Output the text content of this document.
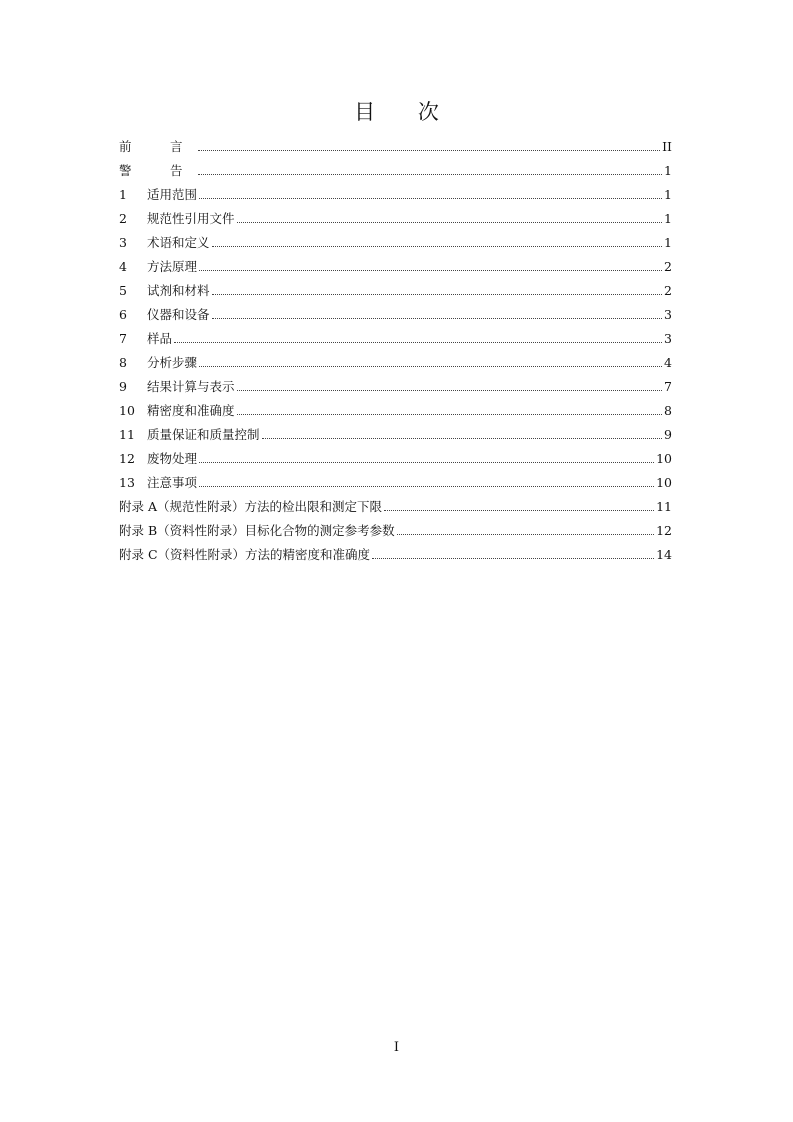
目 次
前　言	II
警　告	1
1	适用范围	1
2	规范性引用文件	1
3	术语和定义	1
4	方法原理	2
5	试剂和材料	2
6	仪器和设备	3
7	样品	3
8	分析步骤	4
9	结果计算与表示	7
10 精密度和准确度	8
11 质量保证和质量控制	9
12 废物处理	10
13 注意事项	10
附录 A（规范性附录）方法的检出限和测定下限	11
附录 B（资料性附录）目标化合物的测定参考参数	12
附录 C（资料性附录）方法的精密度和准确度	14
I
